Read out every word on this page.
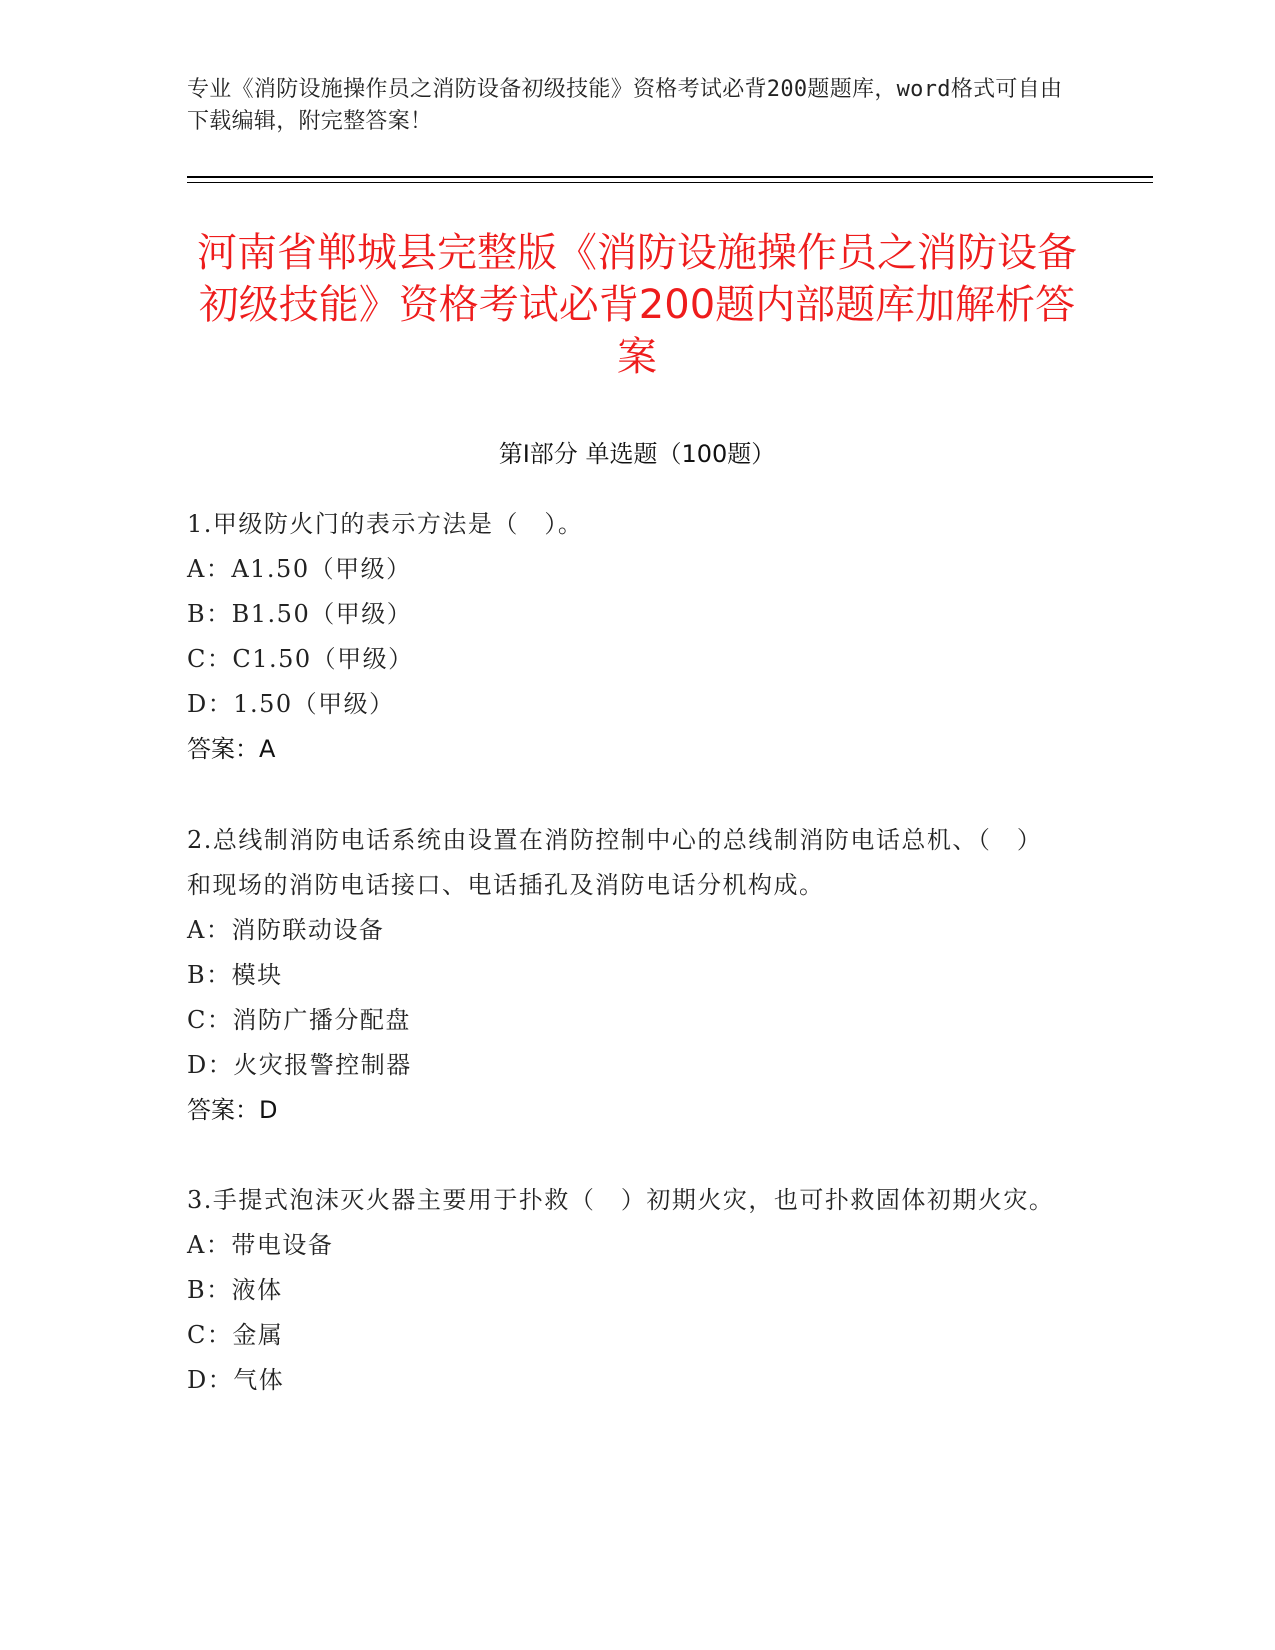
专业《消防设施操作员之消防设备初级技能》资格考试必背200题题库，word格式可自由下载编辑，附完整答案！
河南省郸城县完整版《消防设施操作员之消防设备初级技能》资格考试必背200题内部题库加解析答案
第Ⅰ部分 单选题（100题）
1.甲级防火门的表示方法是（　）。
A：A1.50（甲级）
B：B1.50（甲级）
C：C1.50（甲级）
D：1.50（甲级）
答案：A
2.总线制消防电话系统由设置在消防控制中心的总线制消防电话总机、（　）和现场的消防电话接口、电话插孔及消防电话分机构成。
A：消防联动设备
B：模块
C：消防广播分配盘
D：火灾报警控制器
答案：D
3.手提式泡沫灭火器主要用于扑救（　）初期火灾，也可扑救固体初期火灾。
A：带电设备
B：液体
C：金属
D：气体
